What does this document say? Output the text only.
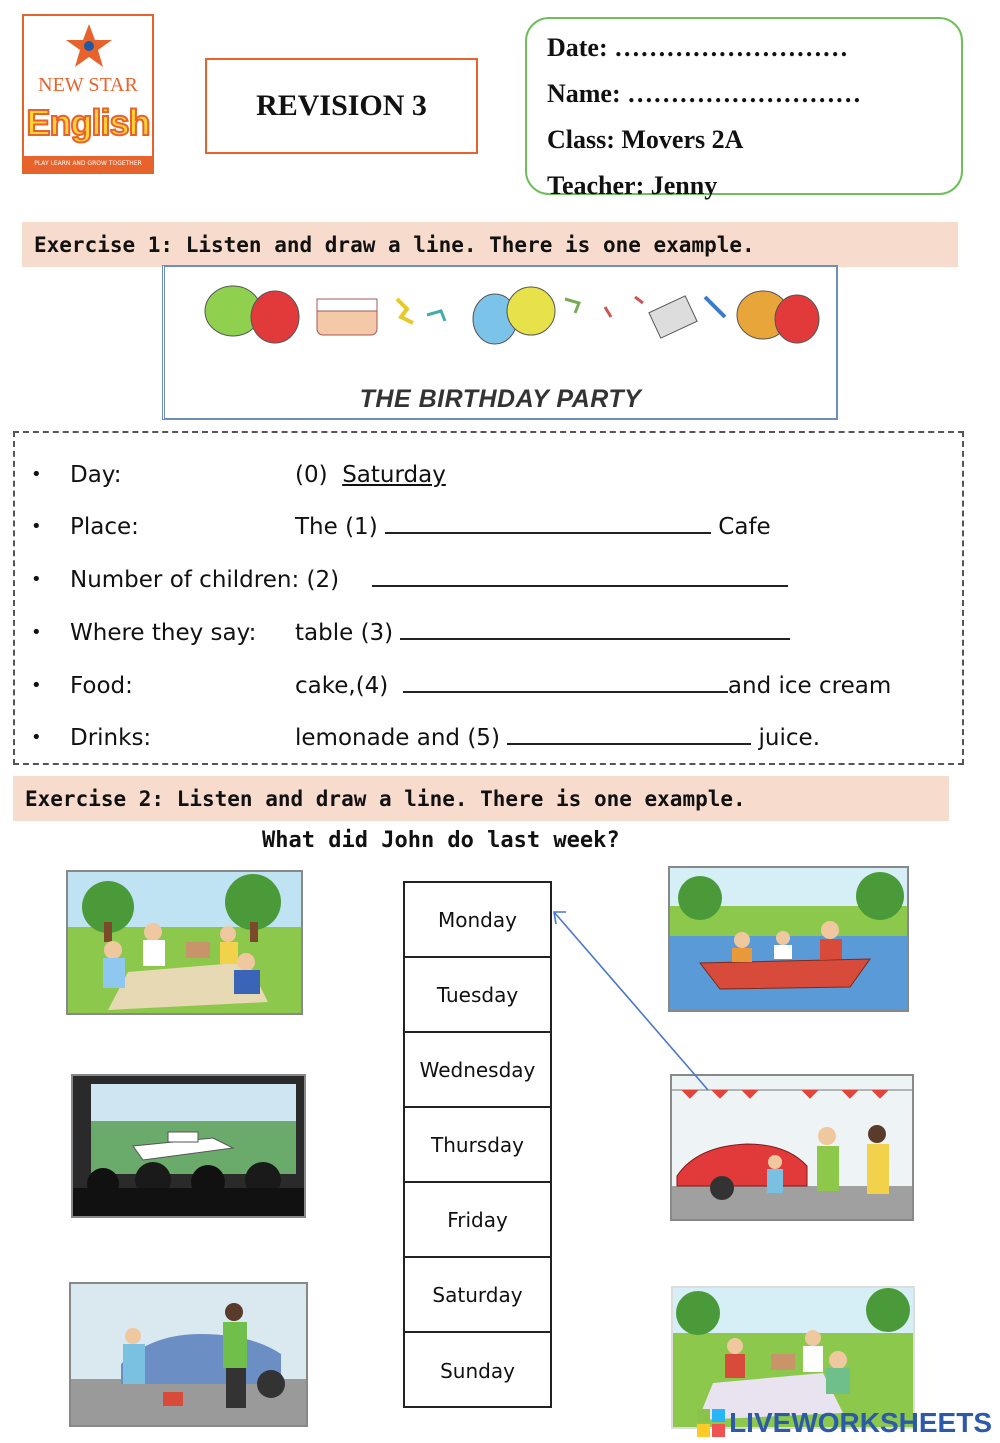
NEW STAR
English
PLAY LEARN AND GROW TOGETHER
REVISION 3
Date: ………………………
Name: ………………………
Class: Movers 2A
Teacher: Jenny
Exercise 1: Listen and draw a line. There is one example.
THE BIRTHDAY PARTY
• Day:	(0)  Saturday
• Place:	The (1)	Cafe
• Number of children: (2)
• Where they say: table (3)
• Food:	cake,(4)	and ice cream
• Drinks:	lemonade and (5)	juice.
Exercise 2: Listen and draw a line. There is one example.
What did John do last week?
Monday
Tuesday
Wednesday
Thursday
Friday
Saturday
Sunday
LIVEWORKSHEETS
